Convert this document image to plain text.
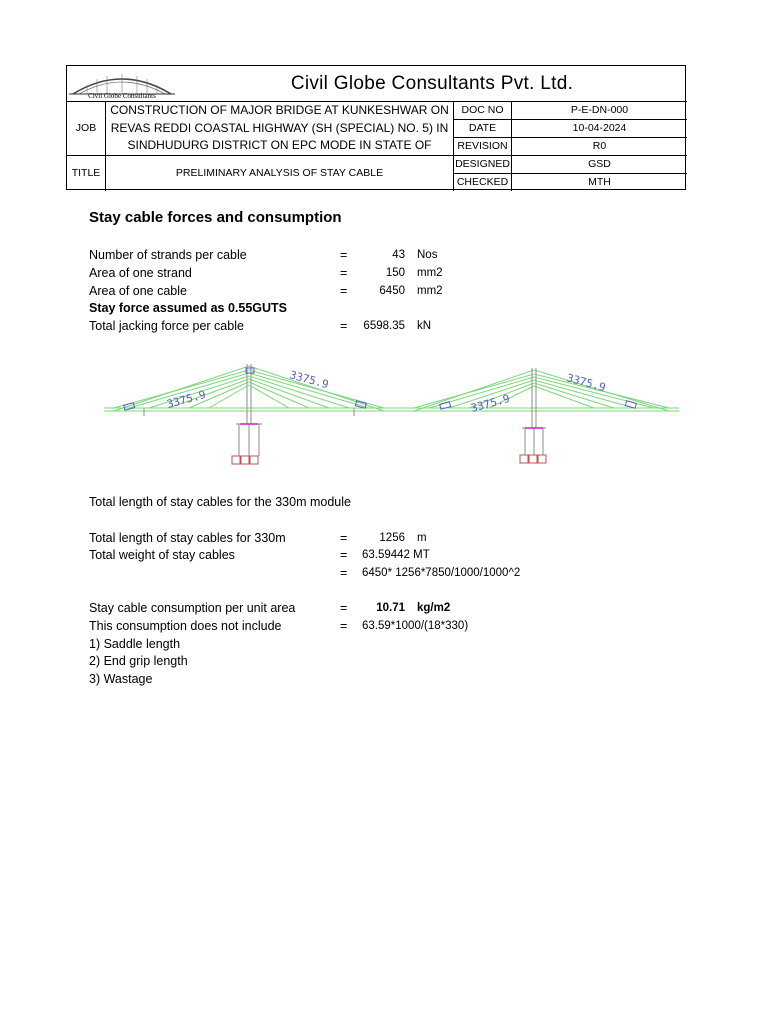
Civil Globe Consultants
Civil Globe Consultants Pvt. Ltd.
JOB
CONSTRUCTION OF MAJOR BRIDGE AT KUNKESHWAR ON
REVAS REDDI COASTAL HIGHWAY (SH (SPECIAL) NO. 5) IN
SINDHUDURG DISTRICT ON EPC MODE IN STATE OF
TITLE	PRELIMINARY ANALYSIS OF STAY CABLE
DOC NO	P-E-DN-000
DATE	10-04-2024
REVISION	R0
DESIGNED	GSD
CHECKED	MTH
Stay cable forces and consumption
Number of strands per cable	=	43 Nos
Area of one strand	=	150 mm2
Area of one cable	=	6450 mm2
Stay force assumed as 0.55GUTS
Total jacking force per cable	=	6598.35 kN
3375.9
3375.9
3375.9
3375.9
Total length of stay cables for the 330m module
Total length of stay cables for 330m	=	1256 m
Total weight of stay cables	= 63.59442 MT
= 6450* 1256*7850/1000/1000^2
Stay cable consumption per unit area	=	10.71 kg/m2
This consumption does not include	= 63.59*1000/(18*330)
1) Saddle length
2) End grip length
3) Wastage
